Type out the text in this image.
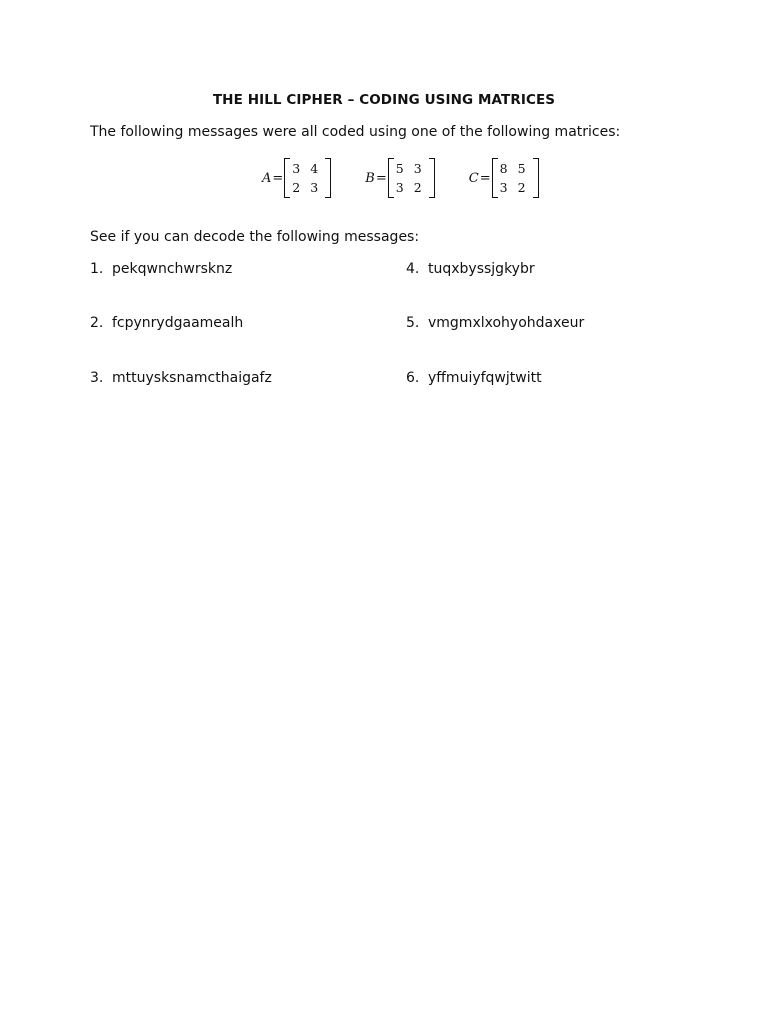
THE HILL CIPHER – CODING USING MATRICES
The following messages were all coded using one of the following matrices:
A =
3 4
2 3
B =
5 3
3 2
C =
8 5
3 2
See if you can decode the following messages:
1. pekqwnchwrsknz
2. fcpynrydgaamealh
3. mttuysksnamcthaigafz
4. tuqxbyssjgkybr
5. vmgmxlxohyohdaxeur
6. yffmuiyfqwjtwitt
